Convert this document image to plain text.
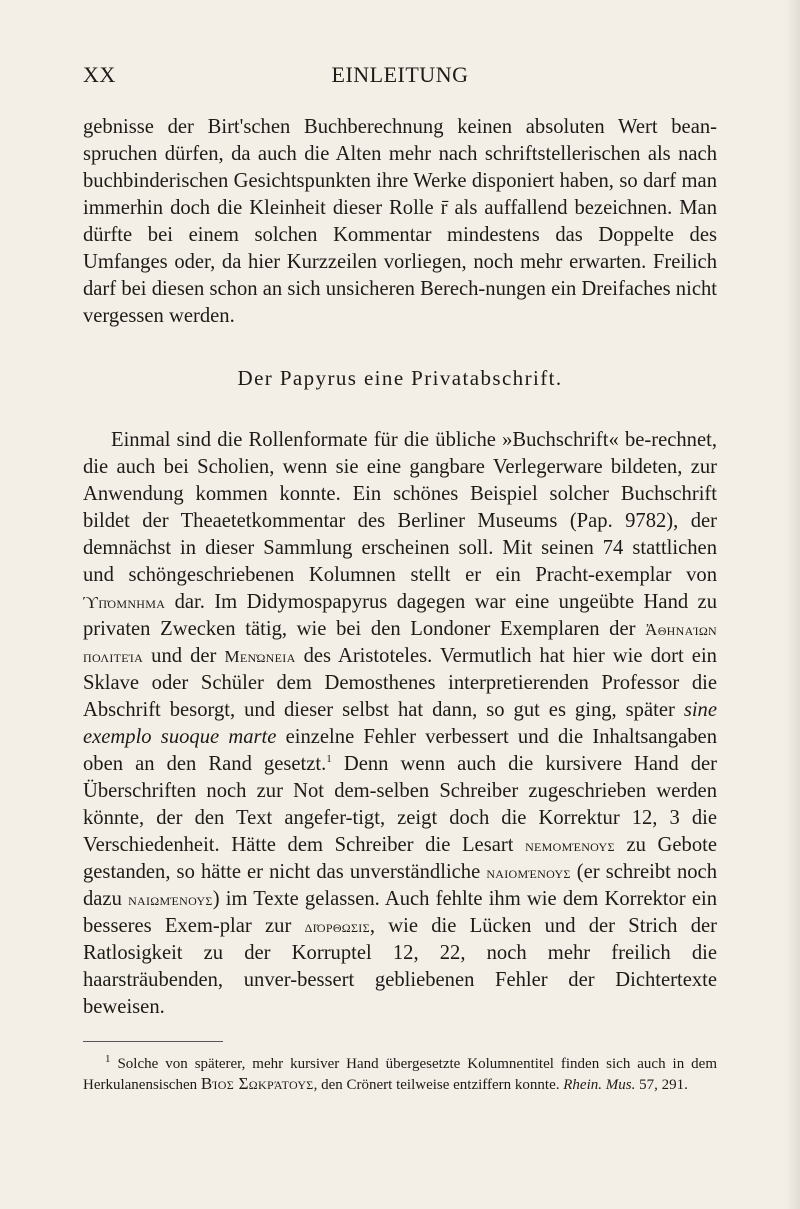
XX	EINLEITUNG

gebnisse der Birt'schen Buchberechnung keinen absoluten Wert bean-spruchen dürfen, da auch die Alten mehr nach schriftstellerischen als nach buchbinderischen Gesichtspunkten ihre Werke disponiert haben, so darf man immerhin doch die Kleinheit dieser Rolle r̄ als auffallend bezeichnen. Man dürfte bei einem solchen Kommentar mindestens das Doppelte des Umfanges oder, da hier Kurzzeilen vorliegen, noch mehr erwarten. Freilich darf bei diesen schon an sich unsicheren Berech-nungen ein Dreifaches nicht vergessen werden.

Der Papyrus eine Privatabschrift.

Einmal sind die Rollenformate für die übliche »Buchschrift« be-rechnet, die auch bei Scholien, wenn sie eine gangbare Verlegerware bildeten, zur Anwendung kommen konnte. Ein schönes Beispiel solcher Buchschrift bildet der Theaetetkommentar des Berliner Museums (Pap. 9782), der demnächst in dieser Sammlung erscheinen soll. Mit seinen 74 stattlichen und schöngeschriebenen Kolumnen stellt er ein Pracht-exemplar von ϓπόμνημα dar. Im Didymospapyrus dagegen war eine ungeübte Hand zu privaten Zwecken tätig, wie bei den Londoner Exemplaren der Ἀθηναίων πολιτεία und der Μενώνεια des Aristoteles. Vermutlich hat hier wie dort ein Sklave oder Schüler dem Demosthenes interpretierenden Professor die Abschrift besorgt, und dieser selbst hat dann, so gut es ging, später sine exemplo suoque marte einzelne Fehler verbessert und die Inhaltsangaben oben an den Rand gesetzt.$^1$ Denn wenn auch die kursivere Hand der Überschriften noch zur Not dem-selben Schreiber zugeschrieben werden könnte, der den Text angefer-tigt, zeigt doch die Korrektur 12, 3 die Verschiedenheit. Hätte dem Schreiber die Lesart νεμομένους zu Gebote gestanden, so hätte er nicht das unverständliche ναιομένους (er schreibt noch dazu ναιωμένους) im Texte gelassen. Auch fehlte ihm wie dem Korrektor ein besseres Exem-plar zur διόρθωσις, wie die Lücken und der Strich der Ratlosigkeit zu der Korruptel 12, 22, noch mehr freilich die haarsträubenden, unver-bessert gebliebenen Fehler der Dichtertexte beweisen.

$^1$ Solche von späterer, mehr kursiver Hand übergesetzte Kolumnentitel finden sich auch in dem Herkulanensischen Βίος Σωκράτους, den Crönert teilweise entziffern konnte. Rhein. Mus. 57, 291.
